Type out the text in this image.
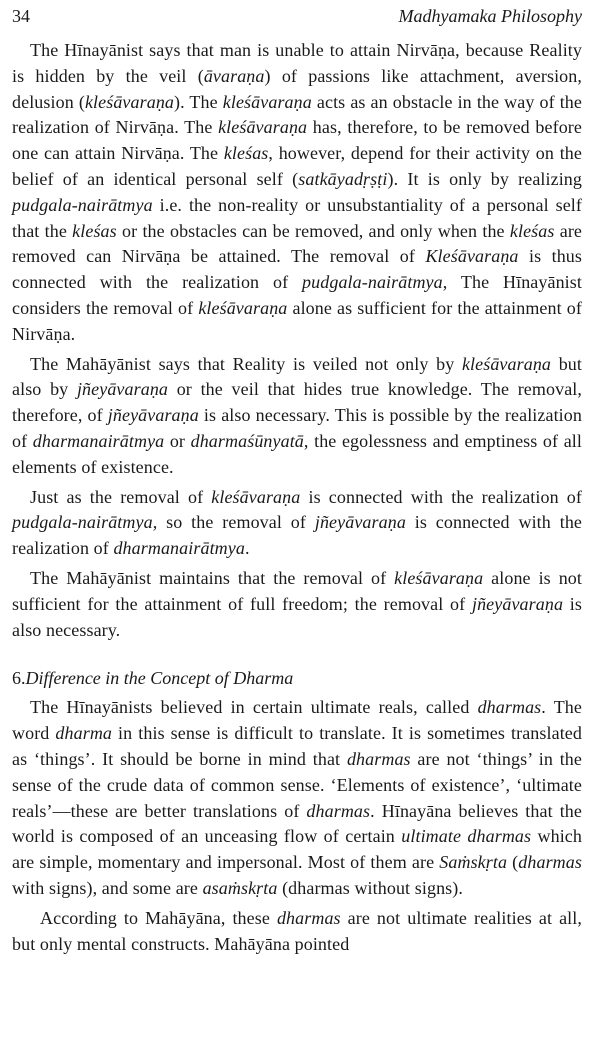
34	Madhyamaka Philosophy

The Hīnayānist says that man is unable to attain Nirvāṇa, because Reality is hidden by the veil (āvaraṇa) of passions like attachment, aversion, delusion (kleśāvaraṇa). The kleśāvaraṇa acts as an obstacle in the way of the realization of Nirvāṇa. The kleśāvaraṇa has, therefore, to be removed before one can attain Nirvāṇa. The kleśas, however, depend for their activity on the belief of an identical personal self (satkāyadṛṣṭi). It is only by realizing pudgala-nairātmya i.e. the non-reality or unsubstantiality of a personal self that the kleśas or the obstacles can be removed, and only when the kleśas are removed can Nirvāṇa be attained. The removal of Kleśāvaraṇa is thus connected with the realization of pudgala-nairātmya, The Hīnayānist considers the removal of kleśāvaraṇa alone as sufficient for the attainment of Nirvāṇa.

The Mahāyānist says that Reality is veiled not only by kleśāvaraṇa but also by jñeyāvaraṇa or the veil that hides true knowledge. The removal, therefore, of jñeyāvaraṇa is also necessary. This is possible by the realization of dharmanairātmya or dharmaśūnyatā, the egolessness and emptiness of all elements of existence.

Just as the removal of kleśāvaraṇa is connected with the realization of pudgala-nairātmya, so the removal of jñeyāvaraṇa is connected with the realization of dharmanairātmya.

The Mahāyānist maintains that the removal of kleśāvaraṇa alone is not sufficient for the attainment of full freedom; the removal of jñeyāvaraṇa is also necessary.

6.Difference in the Concept of Dharma

The Hīnayānists believed in certain ultimate reals, called dharmas. The word dharma in this sense is difficult to translate. It is sometimes translated as ‘things’. It should be borne in mind that dharmas are not ‘things’ in the sense of the crude data of common sense. ‘Elements of existence’, ‘ultimate reals’—these are better translations of dharmas. Hīnayāna believes that the world is composed of an unceasing flow of certain ultimate dharmas which are simple, momentary and impersonal. Most of them are Saṁskṛta (dharmas with signs), and some are asaṁskṛta (dharmas without signs).

According to Mahāyāna, these dharmas are not ultimate realities at all, but only mental constructs. Mahāyāna pointed
